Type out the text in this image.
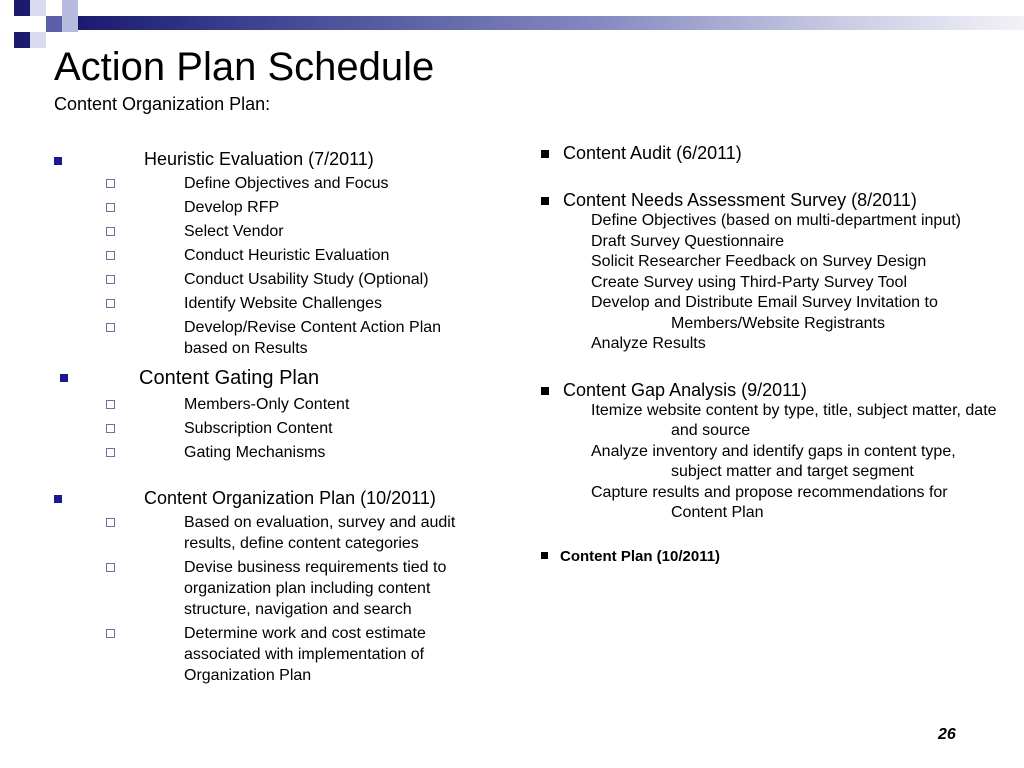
Action Plan Schedule
Content Organization Plan:
Heuristic Evaluation (7/2011)
Define Objectives and Focus
Develop RFP
Select Vendor
Conduct Heuristic Evaluation
Conduct Usability Study (Optional)
Identify Website Challenges
Develop/Revise Content Action Plan based on Results
Content Gating Plan
Members-Only Content
Subscription Content
Gating Mechanisms
Content Organization Plan (10/2011)
Based on evaluation, survey and audit results, define content categories
Devise business requirements tied to organization plan including content structure, navigation and search
Determine work and cost estimate associated with implementation of Organization Plan
Content Audit (6/2011)
Content Needs Assessment Survey (8/2011)
Define Objectives (based on multi-department input)
Draft Survey Questionnaire
Solicit Researcher Feedback on Survey Design
Create Survey using Third-Party Survey Tool
Develop and Distribute Email Survey Invitation to Members/Website Registrants
Analyze Results
Content Gap Analysis (9/2011)
Itemize website content by type, title, subject matter, date and source
Analyze inventory and identify gaps in content type, subject matter and target segment
Capture results and propose recommendations for Content Plan
Content Plan (10/2011)
26
